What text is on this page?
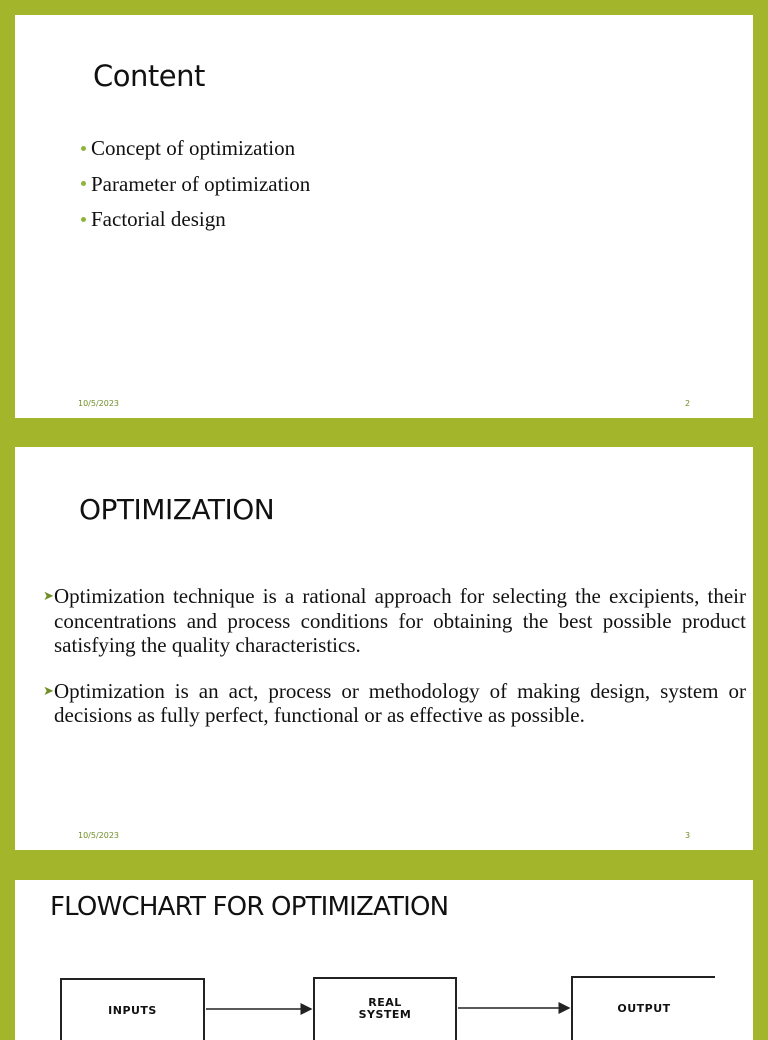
Content
Concept of optimization
Parameter of optimization
Factorial design
10/5/2023	2
OPTIMIZATION

➤ Optimization technique is a rational approach for selecting the excipients, their concentrations and process conditions for obtaining the best possible product satisfying the quality characteristics.

➤ Optimization is an act, process or methodology of making design, system or decisions as fully perfect, functional or as effective as possible.

10/5/2023	3
FLOWCHART FOR OPTIMIZATION
INPUTS
REAL
SYSTEM	OUTPUT
